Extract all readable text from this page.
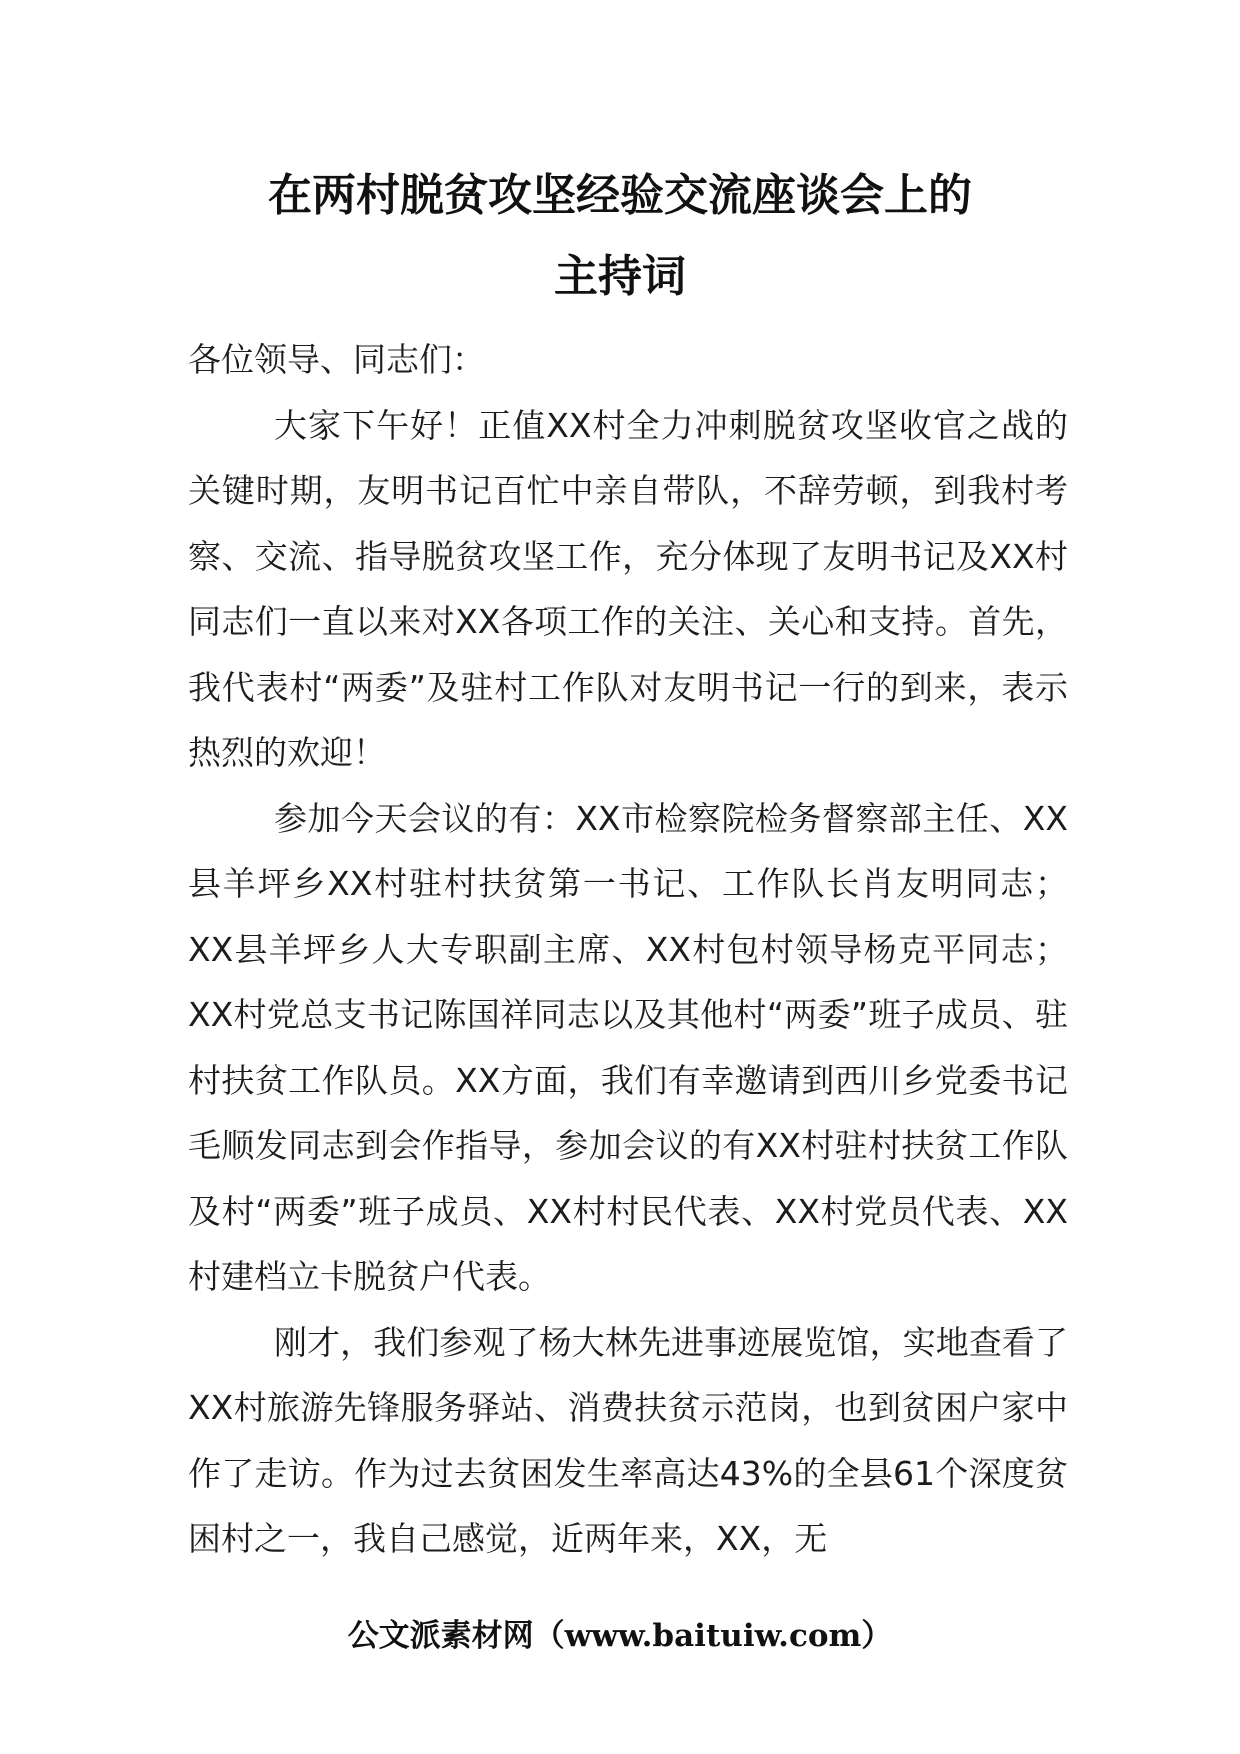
在两村脱贫攻坚经验交流座谈会上的
主持词

各位领导、同志们：

大家下午好！正值XX村全力冲刺脱贫攻坚收官之战的关键时期，友明书记百忙中亲自带队，不辞劳顿，到我村考察、交流、指导脱贫攻坚工作，充分体现了友明书记及XX村同志们一直以来对XX各项工作的关注、关心和支持。首先，我代表村“两委”及驻村工作队对友明书记一行的到来，表示热烈的欢迎！

参加今天会议的有：XX市检察院检务督察部主任、XX县羊坪乡XX村驻村扶贫第一书记、工作队长肖友明同志；XX县羊坪乡人大专职副主席、XX村包村领导杨克平同志；XX村党总支书记陈国祥同志以及其他村“两委”班子成员、驻村扶贫工作队员。XX方面，我们有幸邀请到西川乡党委书记毛顺发同志到会作指导，参加会议的有XX村驻村扶贫工作队及村“两委”班子成员、XX村村民代表、XX村党员代表、XX村建档立卡脱贫户代表。

刚才，我们参观了杨大林先进事迹展览馆，实地查看了XX村旅游先锋服务驿站、消费扶贫示范岗，也到贫困户家中作了走访。作为过去贫困发生率高达43%的全县61个深度贫困村之一，我自己感觉，近两年来，XX，无

公文派素材网（www.baituiw.com）
